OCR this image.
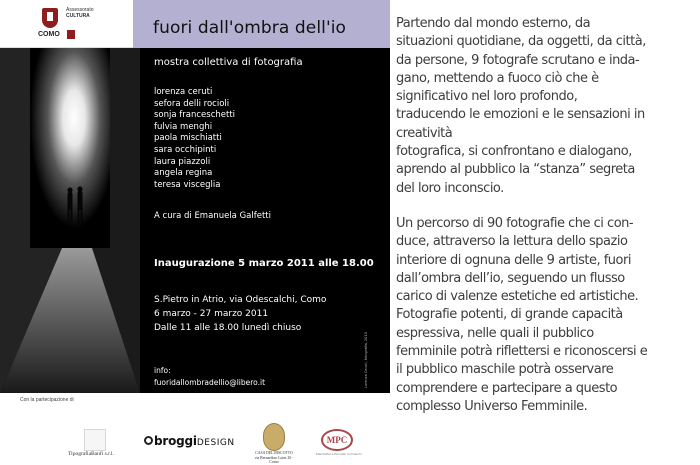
Assessorato
CULTURA
COMO	fuori dall'ombra dell'io
mostra collettiva di fotografia
lorenza ceruti
sefora delli rocioli
sonja franceschetti
fulvia menghi
paola mischiatti
sara occhipinti
laura piazzoli
angela regina
teresa visceglia
A cura di Emanuela Galfetti
Inaugurazione 5 marzo 2011 alle 18.00
S.Pietro in Atrio, via Odescalchi, Como
6 marzo - 27 marzo 2011
Dalle 11 alle 18.00 lunedì chiuso
info:
fuoridallombradellio@libero.it	Lorenza Ceruti, fotografia, 2010
Con la partecipazione di
TipografiaBanfi s.r.l.
broggiDESIGN
CASA DEL BISCOTTO
via Bernardino Luini 20 - Como
MPC
Manifattura Pennelli Comaschi

Partendo dal mondo esterno, da
situazioni quotidiane, da oggetti, da città,
da persone, 9 fotografe scrutano e inda-
gano, mettendo a fuoco ciò che è
significativo nel loro profondo,
traducendo le emozioni e le sensazioni in
creatività
fotografica, si confrontano e dialogano,
aprendo al pubblico la “stanza” segreta
del loro inconscio.

Un percorso di 90 fotografie che ci con-
duce, attraverso la lettura dello spazio
interiore di ognuna delle 9 artiste, fuori
dall’ombra dell’io, seguendo un flusso
carico di valenze estetiche ed artistiche.
Fotografie potenti, di grande capacità
espressiva, nelle quali il pubblico
femminile potrà riflettersi e riconoscersi e
il pubblico maschile potrà osservare
comprendere e partecipare a questo
complesso Universo Femminile.
